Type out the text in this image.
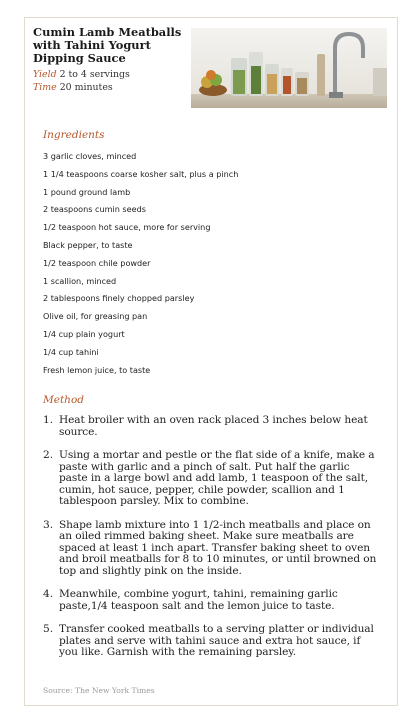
Cumin Lamb Meatballs with Tahini Yogurt Dipping Sauce
Yield 2 to 4 servings
Time 20 minutes
Ingredients
3 garlic cloves, minced
1 1/4 teaspoons coarse kosher salt, plus a pinch
1 pound ground lamb
2 teaspoons cumin seeds
1/2 teaspoon hot sauce, more for serving
Black pepper, to taste
1/2 teaspoon chile powder
1 scallion, minced
2 tablespoons finely chopped parsley
Olive oil, for greasing pan
1/4 cup plain yogurt
1/4 cup tahini
Fresh lemon juice, to taste
Method
1. Heat broiler with an oven rack placed 3 inches below heat source.
2. Using a mortar and pestle or the flat side of a knife, make a paste with garlic and a pinch of salt. Put half the garlic paste in a large bowl and add lamb, 1 teaspoon of the salt, cumin, hot sauce, pepper, chile powder, scallion and 1 tablespoon parsley. Mix to combine.
3. Shape lamb mixture into 1 1/2-inch meatballs and place on an oiled rimmed baking sheet. Make sure meatballs are spaced at least 1 inch apart. Transfer baking sheet to oven and broil meatballs for 8 to 10 minutes, or until browned on top and slightly pink on the inside.
4. Meanwhile, combine yogurt, tahini, remaining garlic paste,1/4 teaspoon salt and the lemon juice to taste.
5. Transfer cooked meatballs to a serving platter or individual plates and serve with tahini sauce and extra hot sauce, if you like. Garnish with the remaining parsley.
Source: The New York Times
